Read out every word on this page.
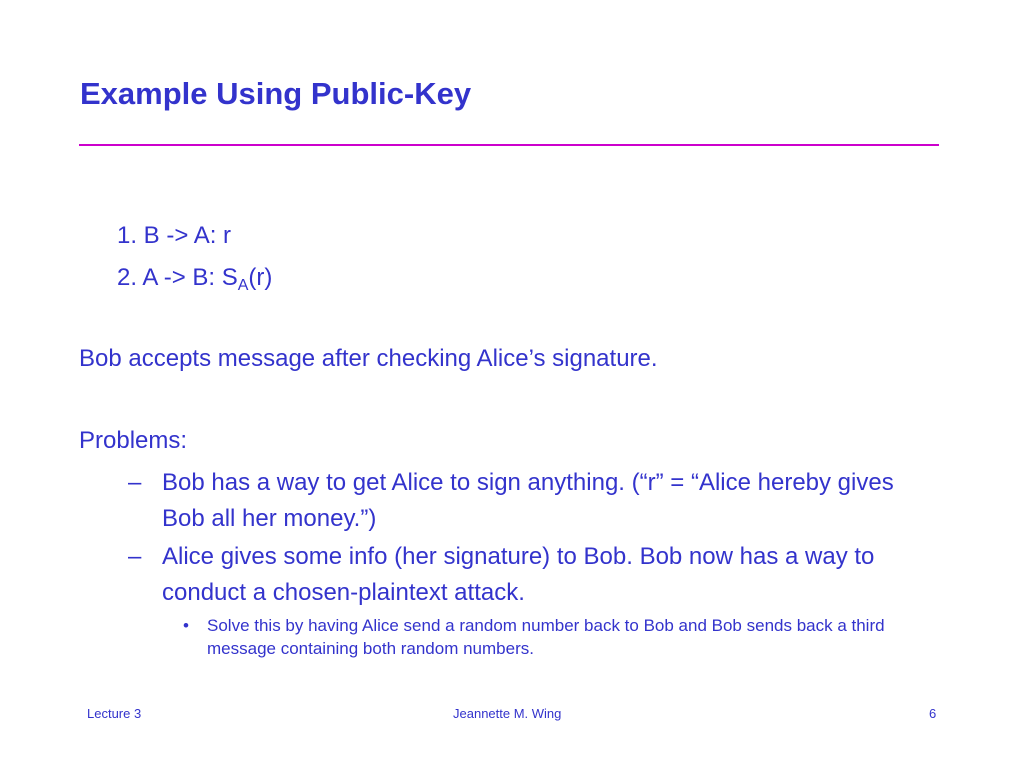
Example Using Public-Key
1. B -> A: r
2. A -> B: $S_A(r)$
Bob accepts message after checking Alice’s signature.
Problems:
– Bob has a way to get Alice to sign anything. (“r” = “Alice hereby gives Bob all her money.”)
– Alice gives some info (her signature) to Bob. Bob now has a way to conduct a chosen-plaintext attack.
• Solve this by having Alice send a random number back to Bob and Bob sends back a third message containing both random numbers.
Lecture 3	Jeannette M. Wing	6
